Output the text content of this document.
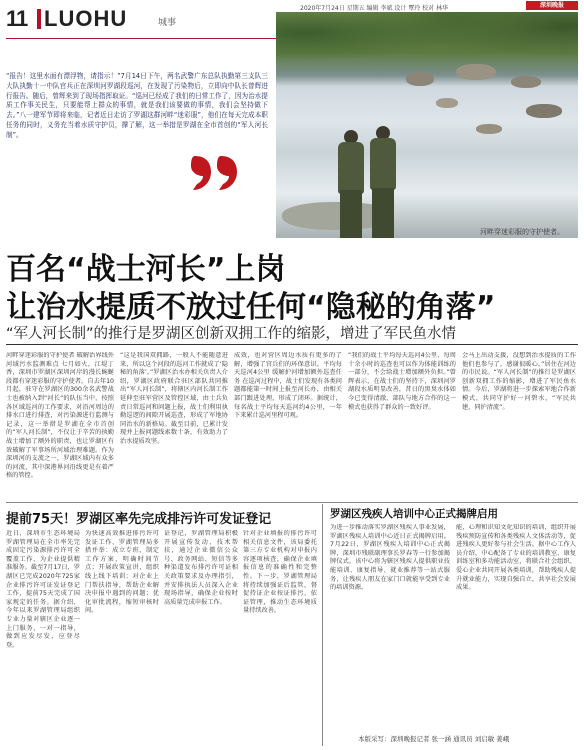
11 LUOHU	城事
2020年7月24日 星期五 编辑 李斌 设计 覃玲 校对 林华	深圳晚报
河畔穿迷彩服的守护使者。
“报告！这里水面有漂浮物，请指示！”7月14日下午，两名武警广东总队执勤第三支队三大队执勤十一中队官兵正在深圳河罗湖段巡河，在发现了污染物后，立即向中队长曾辉进行报告。随后，曾辉来到了现场指挥取证。“巡河已经成了我们的日常工作了，因为治水提质工作事关民生，只要能帮上群众的事情，就是我们该要做的事情，我们会坚持做下去。”八一建军节即将来临，记者近日走访了罗湖这群河畔“迷彩服”，他们在每天完成本职任务的同时，义务充当着水质守护员，撑了解，这一举措是罗湖在全市首创的“军人河长制”。
百名“战士河长”上岗
让治水提质不放过任何“隐秘的角落”
“军人河长制”的推行是罗湖区创新双拥工作的缩影，增进了军民鱼水情
河畔穿迷彩服的守护使者 破解治界线外河域污水监测难点 七月如火，江堤丁香，深圳市罗湖区深圳河岸的漫长蜿蜒段都有穿迷彩服的守护使者。自去年10月起，驻守在罗湖区的300余名武警战士也被纳入到“河长”的队伍当中，按照各区域巡河的工作要求，对沿河周边的排水口进行排查，对污染源进行监测与记录，这一举措是罗湖在全市首创的“军人河长制”，不仅让于辛苦的执勤战士增加了额外的职责，也让罗湖区有效破解了军事场所河域治理难题。作为深圳河的支流之一，罗湖区域内有众多的河流，其中深港界河沿线更是有着严格的管控。
“这是我国双拥路，一般人不能随意进来，所以这个河段的巡河工作就成了‘隐秘的角落’。”罗湖区治水办相关负责人介绍，罗湖区政府联合驻区部队共同推出“军人河长制”，将辖区内河长制工作延伸至驻军营区及管控区域，由士兵负责日常巡河和问题上报，战士们利用执勤巡逻的间隙开展巡查，形成了军地协同治水的新格局。截至目前，已累计发现并上报问题线索数十条，有效助力了治水提质攻坚。
成效，也对营区周边水质有更多的了解，增强了官兵们的环保意识。平均每天巡河4公里 缓解护河增加额外巡查任务 在巡河过程中，战士们发现有各类问题都能第一时间上报至河长办，由相关部门跟进处理，形成了闭环。据统计，每名战士平均每天巡河约4公里，一年下来累计巡河里程可观。
“我们的战士平均每天巡河4公里，每周十余小时的巡查也可以作为体能训练的一部分，不会给战士增加额外负担。”曾辉表示，在战士们的坚持下，深圳河罗湖段水质明显改善，昔日的黑臭水体如今已变得清澈，部队与地方合作的这一模式也获得了群众的一致好评。
会马上出动支援，没想到治水提质的工作他们也参与了，感谢很暖心。”居住在河边的市民说。“军人河长制”的推行是罗湖区创新双拥工作的缩影，增进了军民鱼水情。今后，罗湖将进一步探索军地合作新模式，共同守护好一河碧水，“军民共建，同护清流”。
提前75天！罗湖区率先完成排污许可发证登记
近日，深圳市生态环境局罗湖管理局在全市率先完成固定污染源排污许可全覆盖工作，为企业提供精准服务。截至7月17日，罗湖区已完成2020年725家企业排污许可证发证登记工作，提前75天完成了国家规定的任务。据介绍，今年以来罗湖管理局组织专业力量对辖区企业逐一上门服务、一对一指导，做到应发尽发、应登尽登。
为快速高效推进排污许可发证工作，罗湖管理局多措并举：成立专班，制定工作方案，明确时间节点；开展政策宣讲，组织线上线下培训；对企业上门帮扶指导，帮助企业解决申报中遇到的问题；优化审批流程，缩短审核时间。
证登记，罗湖管理局积极开展宣传发动、技术帮扶，通过企业微信公众号、政务网站、短信等多种渠道发布排污许可证相关政策要求及办理指引，并安排执法人员深入企业现场指导，确保企业按时高质量完成申报工作。
针对企业填报的排污许可相关信息文件，该局委托第三方专业机构对申报内容逐项核查，确保企业填报信息的准确性和完整性。下一步，罗湖管理局将持续加强证后监管，督促持证企业按证排污、依证管理，推动生态环境质量持续改善。
罗湖区残疾人培训中心正式揭牌启用
为进一步推动落实罗湖区残疾人事业发展，罗湖区残疾人培训中心近日正式揭牌启用。7月22日，罗湖区残疾人培训中心正式揭牌，深圳市残联副理事长罗春等一行参加揭牌仪式。该中心将为辖区残疾人提供职业技能培训、康复指导、就业推荐等一站式服务，让残疾人朋友在家门口就能享受到专业的培训资源。
能，心理和识知文化知识的培训，组织开展残疾预防宣传和各类残疾人文体活动等，促进残疾人更好参与社会生活。据中心工作人员介绍，中心配备了专业的培训教室、康复训练室和多功能活动室，将联合社会组织、爱心企业共同开展各类培训，帮助残疾人提升就业能力，实现自强自立，共享社会发展成果。
本版采写：深圳晚报记者 张一涵 通讯员 刘启敏 姜峨
